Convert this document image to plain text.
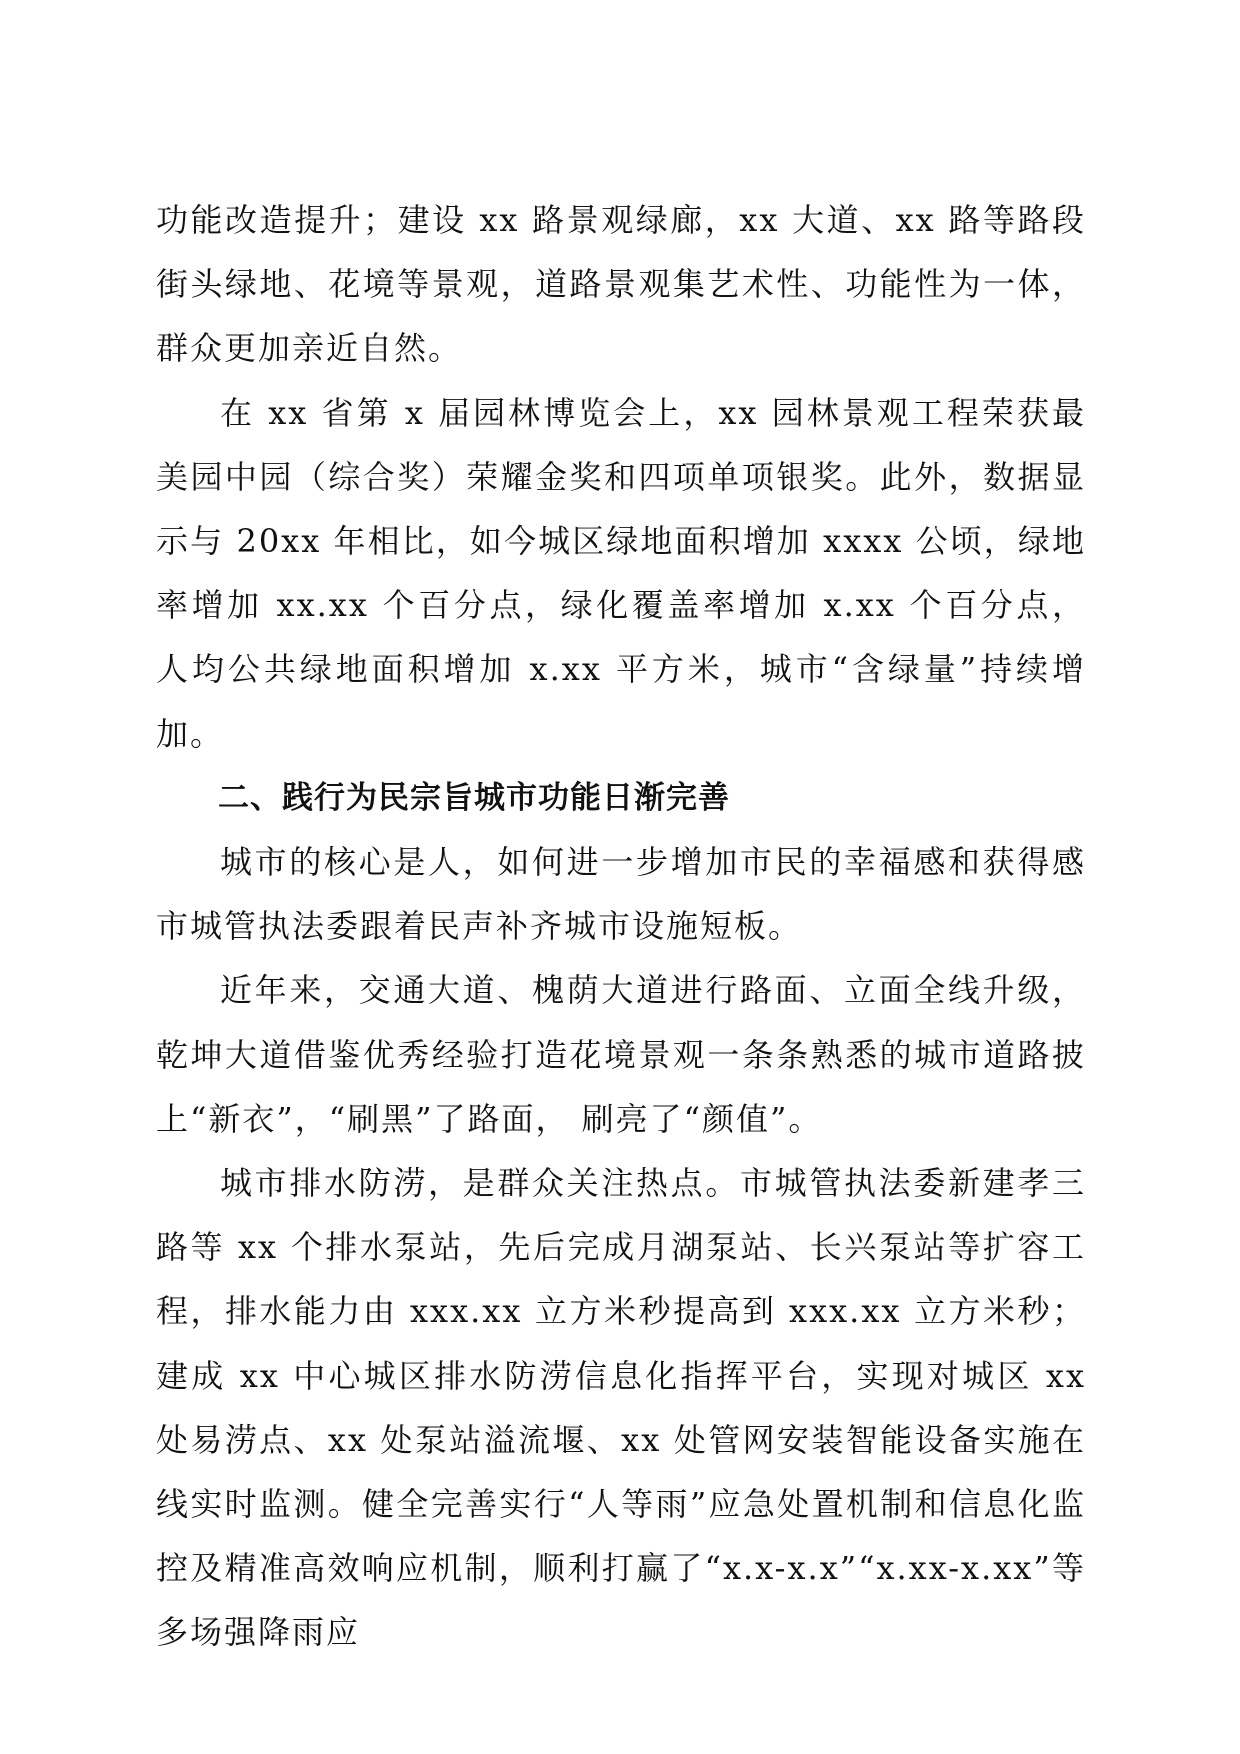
功能改造提升；建设 xx 路景观绿廊，xx 大道、xx 路等路段街头绿地、花境等景观，道路景观集艺术性、功能性为一体，群众更加亲近自然。

在 xx 省第 x 届园林博览会上，xx 园林景观工程荣获最美园中园（综合奖）荣耀金奖和四项单项银奖。此外，数据显示与 20xx 年相比，如今城区绿地面积增加 xxxx 公顷，绿地率增加 xx.xx 个百分点，绿化覆盖率增加 x.xx 个百分点， 人均公共绿地面积增加 x.xx 平方米，城市“含绿量”持续增加。

二、践行为民宗旨城市功能日渐完善

城市的核心是人，如何进一步增加市民的幸福感和获得感市城管执法委跟着民声补齐城市设施短板。

近年来，交通大道、槐荫大道进行路面、立面全线升级，乾坤大道借鉴优秀经验打造花境景观一条条熟悉的城市道路披上“新衣”，“刷黑”了路面， 刷亮了“颜值”。

城市排水防涝，是群众关注热点。市城管执法委新建孝三路等 xx 个排水泵站，先后完成月湖泵站、长兴泵站等扩容工程，排水能力由 xxx.xx 立方米秒提高到 xxx.xx 立方米秒；建成 xx 中心城区排水防涝信息化指挥平台，实现对城区 xx 处易涝点、xx 处泵站溢流堰、xx 处管网安装智能设备实施在线实时监测。健全完善实行“人等雨”应急处置机制和信息化监控及精准高效响应机制，顺利打赢了“x.x-x.x”“x.xx-x.xx”等多场强降雨应
